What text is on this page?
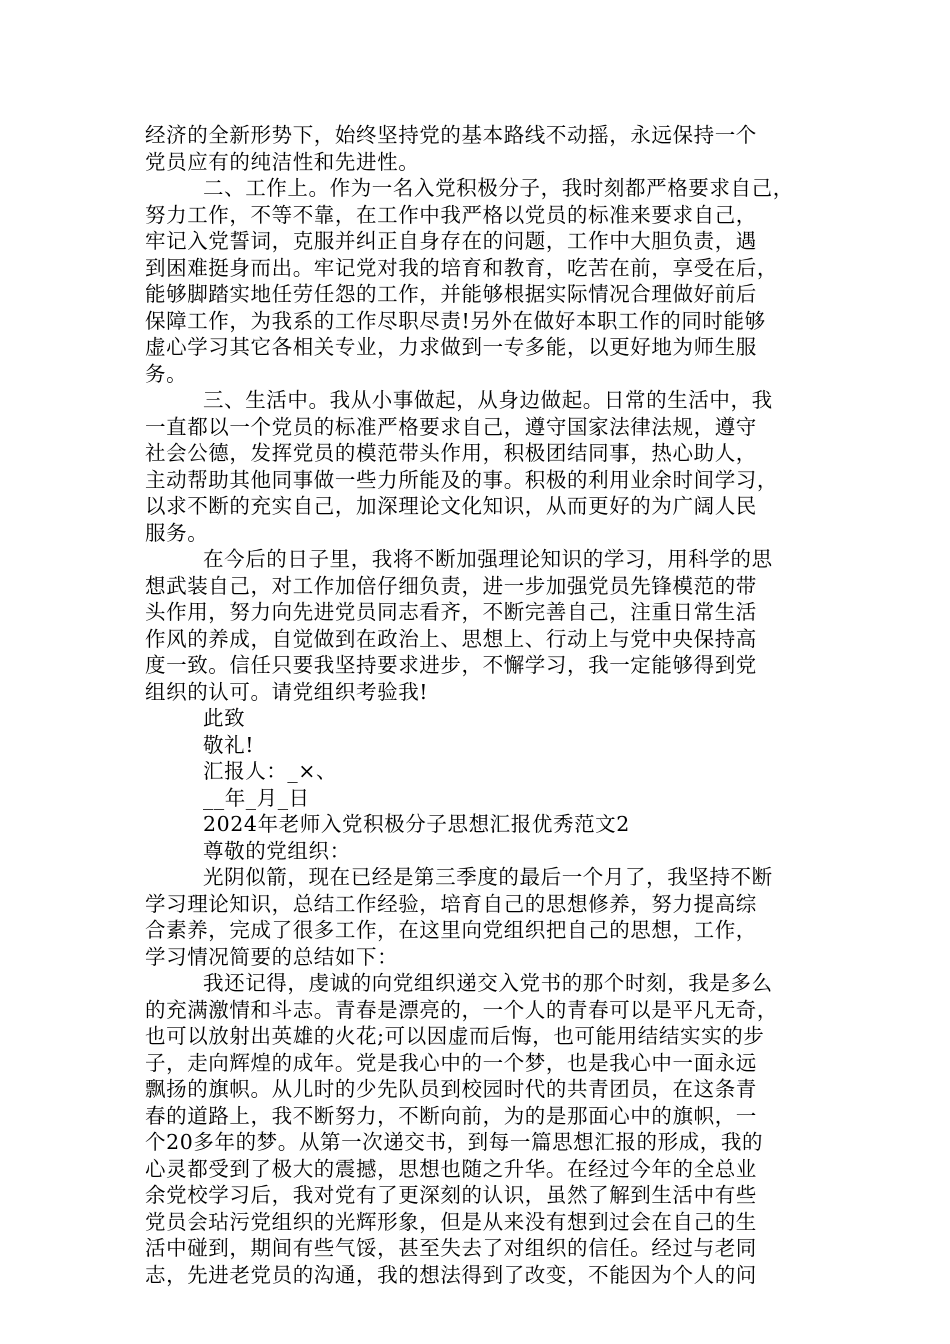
经济的全新形势下，始终坚持党的基本路线不动摇，永远保持一个
党员应有的纯洁性和先进性。
二、工作上。作为一名入党积极分子，我时刻都严格要求自己，
努力工作，不等不靠，在工作中我严格以党员的标准来要求自己，
牢记入党誓词，克服并纠正自身存在的问题，工作中大胆负责，遇
到困难挺身而出。牢记党对我的培育和教育，吃苦在前，享受在后，
能够脚踏实地任劳任怨的工作，并能够根据实际情况合理做好前后
保障工作，为我系的工作尽职尽责!另外在做好本职工作的同时能够
虚心学习其它各相关专业，力求做到一专多能，以更好地为师生服
务。
三、生活中。我从小事做起，从身边做起。日常的生活中，我
一直都以一个党员的标准严格要求自己，遵守国家法律法规，遵守
社会公德，发挥党员的模范带头作用，积极团结同事，热心助人，
主动帮助其他同事做一些力所能及的事。积极的利用业余时间学习，
以求不断的充实自己，加深理论文化知识，从而更好的为广阔人民
服务。
在今后的日子里，我将不断加强理论知识的学习，用科学的思
想武装自己，对工作加倍仔细负责，进一步加强党员先锋模范的带
头作用，努力向先进党员同志看齐，不断完善自己，注重日常生活
作风的养成，自觉做到在政治上、思想上、行动上与党中央保持高
度一致。信任只要我坚持要求进步，不懈学习，我一定能够得到党
组织的认可。请党组织考验我!
此致
敬礼!
汇报人：_×、
__年_月_日
2024年老师入党积极分子思想汇报优秀范文2
尊敬的党组织：
光阴似箭，现在已经是第三季度的最后一个月了，我坚持不断
学习理论知识，总结工作经验，培育自己的思想修养，努力提高综
合素养，完成了很多工作，在这里向党组织把自己的思想，工作，
学习情况简要的总结如下：
我还记得，虔诚的向党组织递交入党书的那个时刻，我是多么
的充满激情和斗志。青春是漂亮的，一个人的青春可以是平凡无奇，
也可以放射出英雄的火花;可以因虚而后悔，也可能用结结实实的步
子，走向辉煌的成年。党是我心中的一个梦，也是我心中一面永远
飘扬的旗帜。从儿时的少先队员到校园时代的共青团员，在这条青
春的道路上，我不断努力，不断向前，为的是那面心中的旗帜，一
个20多年的梦。从第一次递交书，到每一篇思想汇报的形成，我的
心灵都受到了极大的震撼，思想也随之升华。在经过今年的全总业
余党校学习后，我对党有了更深刻的认识，虽然了解到生活中有些
党员会玷污党组织的光辉形象，但是从来没有想到过会在自己的生
活中碰到，期间有些气馁，甚至失去了对组织的信任。经过与老同
志，先进老党员的沟通，我的想法得到了改变，不能因为个人的问
